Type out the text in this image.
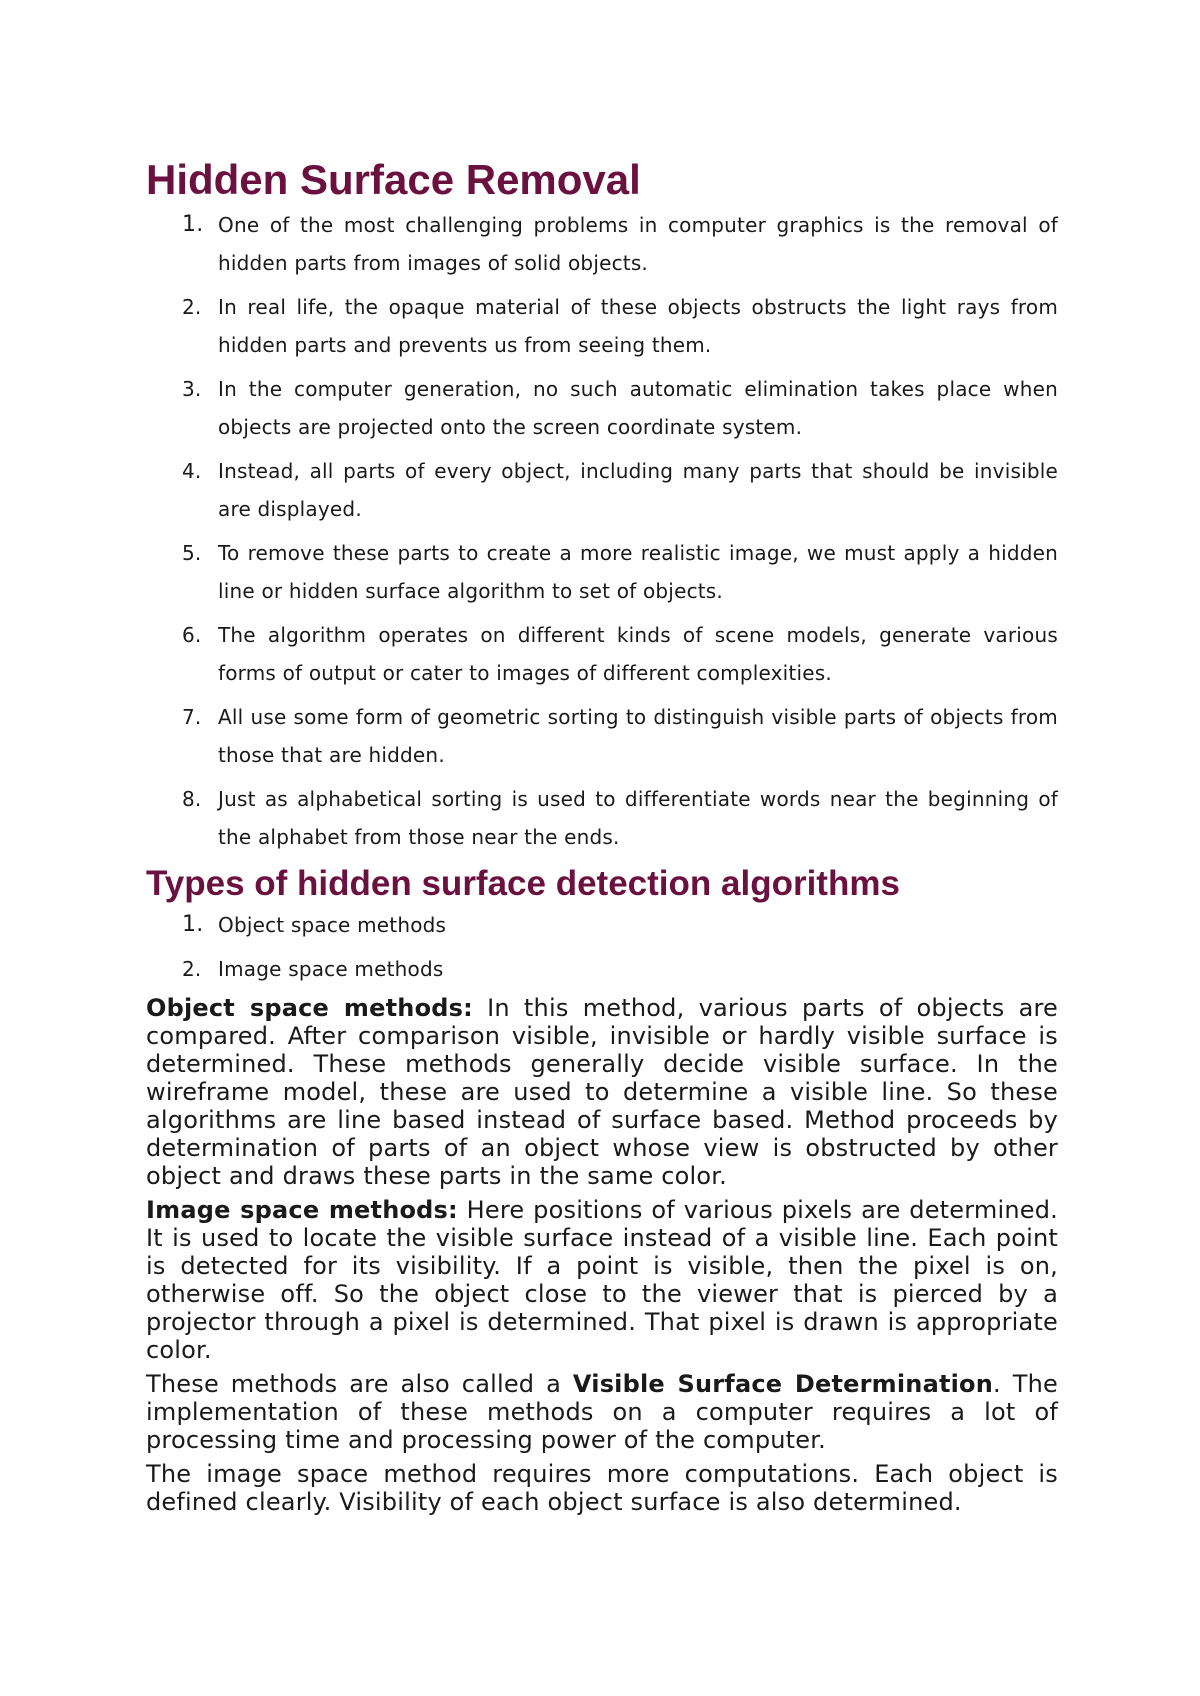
Hidden Surface Removal
1. One of the most challenging problems in computer graphics is the removal of hidden parts from images of solid objects.
2. In real life, the opaque material of these objects obstructs the light rays from hidden parts and prevents us from seeing them.
3. In the computer generation, no such automatic elimination takes place when objects are projected onto the screen coordinate system.
4. Instead, all parts of every object, including many parts that should be invisible are displayed.
5. To remove these parts to create a more realistic image, we must apply a hidden line or hidden surface algorithm to set of objects.
6. The algorithm operates on different kinds of scene models, generate various forms of output or cater to images of different complexities.
7. All use some form of geometric sorting to distinguish visible parts of objects from those that are hidden.
8. Just as alphabetical sorting is used to differentiate words near the beginning of the alphabet from those near the ends.
Types of hidden surface detection algorithms
1. Object space methods
2. Image space methods

Object space methods: In this method, various parts of objects are compared. After comparison visible, invisible or hardly visible surface is determined. These methods generally decide visible surface. In the wireframe model, these are used to determine a visible line. So these algorithms are line based instead of surface based. Method proceeds by determination of parts of an object whose view is obstructed by other object and draws these parts in the same color.

Image space methods: Here positions of various pixels are determined. It is used to locate the visible surface instead of a visible line. Each point is detected for its visibility. If a point is visible, then the pixel is on, otherwise off. So the object close to the viewer that is pierced by a projector through a pixel is determined. That pixel is drawn is appropriate color.

These methods are also called a Visible Surface Determination. The implementation of these methods on a computer requires a lot of processing time and processing power of the computer.

The image space method requires more computations. Each object is defined clearly. Visibility of each object surface is also determined.
